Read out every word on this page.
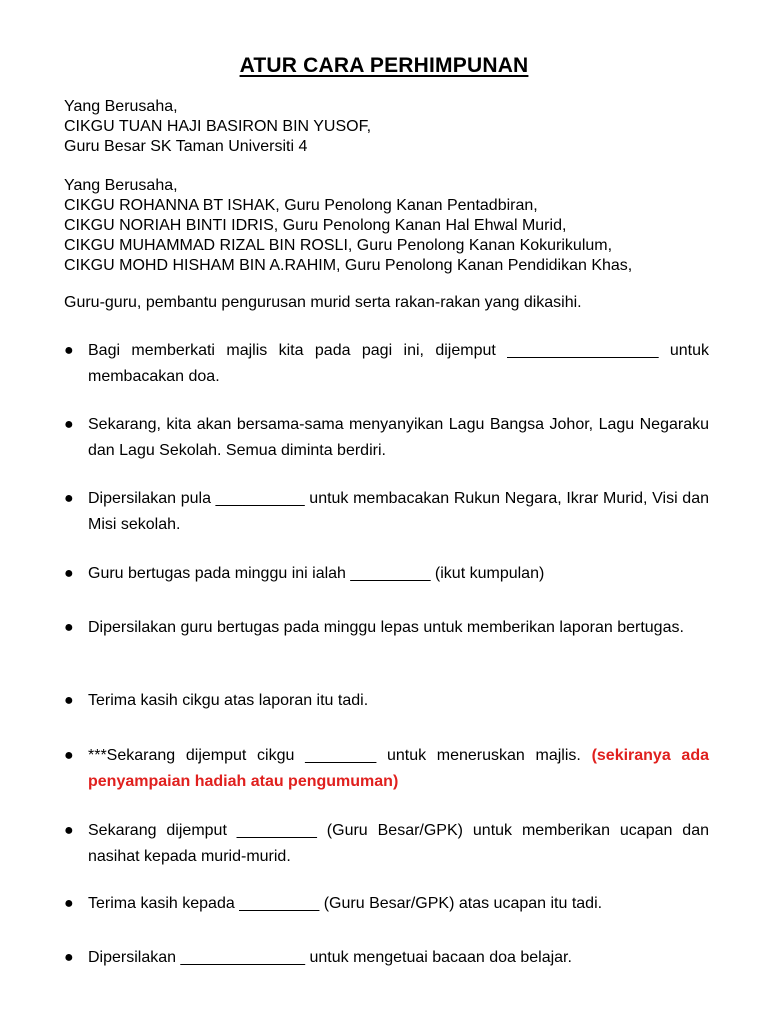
ATUR CARA PERHIMPUNAN
Yang Berusaha,
CIKGU TUAN HAJI BASIRON BIN YUSOF,
Guru Besar SK Taman Universiti 4
Yang Berusaha,
CIKGU ROHANNA BT ISHAK, Guru Penolong Kanan Pentadbiran,
CIKGU NORIAH BINTI IDRIS, Guru Penolong Kanan Hal Ehwal Murid,
CIKGU MUHAMMAD RIZAL BIN ROSLI, Guru Penolong Kanan Kokurikulum,
CIKGU MOHD HISHAM BIN A.RAHIM, Guru Penolong Kanan Pendidikan Khas,
Guru-guru, pembantu pengurusan murid serta rakan-rakan yang dikasihi.
● Bagi memberkati majlis kita pada pagi ini, dijemput _________________ untuk membacakan doa.
● Sekarang, kita akan bersama-sama menyanyikan Lagu Bangsa Johor, Lagu Negaraku dan Lagu Sekolah. Semua diminta berdiri.
● Dipersilakan pula __________ untuk membacakan Rukun Negara, Ikrar Murid, Visi dan Misi sekolah.
● Guru bertugas pada minggu ini ialah _________ (ikut kumpulan)
● Dipersilakan guru bertugas pada minggu lepas untuk memberikan laporan bertugas.
● Terima kasih cikgu atas laporan itu tadi.
● ***Sekarang dijemput cikgu ________ untuk meneruskan majlis. (sekiranya ada penyampaian hadiah atau pengumuman)
● Sekarang dijemput _________ (Guru Besar/GPK) untuk memberikan ucapan dan nasihat kepada murid-murid.
● Terima kasih kepada _________ (Guru Besar/GPK) atas ucapan itu tadi.
● Dipersilakan ______________ untuk mengetuai bacaan doa belajar.
